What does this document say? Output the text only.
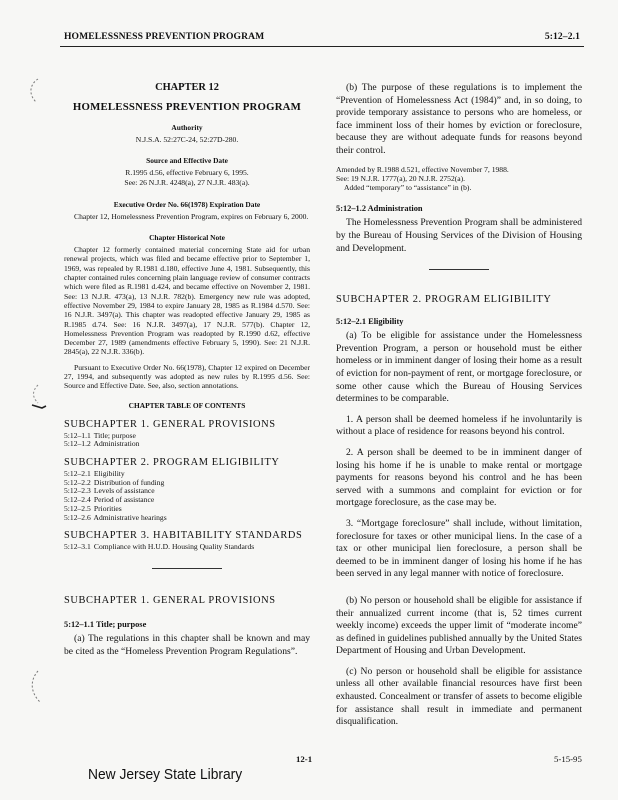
HOMELESSNESS PREVENTION PROGRAM	5:12–2.1

CHAPTER 12

HOMELESSNESS PREVENTION PROGRAM

Authority

N.J.S.A. 52:27C-24, 52:27D-280.

Source and Effective Date

R.1995 d.56, effective February 6, 1995.

See: 26 N.J.R. 4248(a), 27 N.J.R. 483(a).

Executive Order No. 66(1978) Expiration Date

Chapter 12, Homelessness Prevention Program, expires on February 6, 2000.

Chapter Historical Note

Chapter 12 formerly contained material concerning State aid for urban renewal projects, which was filed and became effective prior to September 1, 1969, was repealed by R.1981 d.180, effective June 4, 1981. Subsequently, this chapter contained rules concerning plain language review of consumer contracts which were filed as R.1981 d.424, and became effective on November 2, 1981. See: 13 N.J.R. 473(a), 13 N.J.R. 782(b). Emergency new rule was adopted, effective November 29, 1984 to expire January 28, 1985 as R.1984 d.570. See: 16 N.J.R. 3497(a). This chapter was readopted effective January 29, 1985 as R.1985 d.74. See: 16 N.J.R. 3497(a), 17 N.J.R. 577(b). Chapter 12, Homelessness Prevention Program was readopted by R.1990 d.62, effective December 27, 1989 (amendments effective February 5, 1990). See: 21 N.J.R. 2845(a), 22 N.J.R. 336(b).

Pursuant to Executive Order No. 66(1978), Chapter 12 expired on December 27, 1994, and subsequently was adopted as new rules by R.1995 d.56. See: Source and Effective Date. See, also, section annotations.

CHAPTER TABLE OF CONTENTS

SUBCHAPTER 1. GENERAL PROVISIONS

5:12–1.1 Title; purpose
5:12–1.2 Administration

SUBCHAPTER 2. PROGRAM ELIGIBILITY

5:12–2.1 Eligibility
5:12–2.2 Distribution of funding
5:12–2.3 Levels of assistance
5:12–2.4 Period of assistance
5:12–2.5 Priorities
5:12–2.6 Administrative hearings

SUBCHAPTER 3. HABITABILITY STANDARDS

5:12–3.1 Compliance with H.U.D. Housing Quality Standards

SUBCHAPTER 1. GENERAL PROVISIONS

5:12–1.1 Title; purpose

(a) The regulations in this chapter shall be known and may be cited as the “Homeless Prevention Program Regulations”.

(b) The purpose of these regulations is to implement the “Prevention of Homelessness Act (1984)” and, in so doing, to provide temporary assistance to persons who are homeless, or face imminent loss of their homes by eviction or foreclosure, because they are without adequate funds for reasons beyond their control.

Amended by R.1988 d.521, effective November 7, 1988.

See: 19 N.J.R. 1777(a), 20 N.J.R. 2752(a).

Added “temporary” to “assistance” in (b).

5:12–1.2 Administration

The Homelessness Prevention Program shall be administered by the Bureau of Housing Services of the Division of Housing and Development.

SUBCHAPTER 2. PROGRAM ELIGIBILITY

5:12–2.1 Eligibility

(a) To be eligible for assistance under the Homelessness Prevention Program, a person or household must be either homeless or in imminent danger of losing their home as a result of eviction for non-payment of rent, or mortgage foreclosure, or some other cause which the Bureau of Housing Services determines to be comparable.

1. A person shall be deemed homeless if he involuntarily is without a place of residence for reasons beyond his control.

2. A person shall be deemed to be in imminent danger of losing his home if he is unable to make rental or mortgage payments for reasons beyond his control and he has been served with a summons and complaint for eviction or for mortgage foreclosure, as the case may be.

3. “Mortgage foreclosure” shall include, without limitation, foreclosure for taxes or other municipal liens. In the case of a tax or other municipal lien foreclosure, a person shall be deemed to be in imminent danger of losing his home if he has been served in any legal manner with notice of foreclosure.

(b) No person or household shall be eligible for assistance if their annualized current income (that is, 52 times current weekly income) exceeds the upper limit of “moderate income” as defined in guidelines published annually by the United States Department of Housing and Urban Development.

(c) No person or household shall be eligible for assistance unless all other available financial resources have first been exhausted. Concealment or transfer of assets to become eligible for assistance shall result in immediate and permanent disqualification.

12-1	5-15-95
New Jersey State Library
